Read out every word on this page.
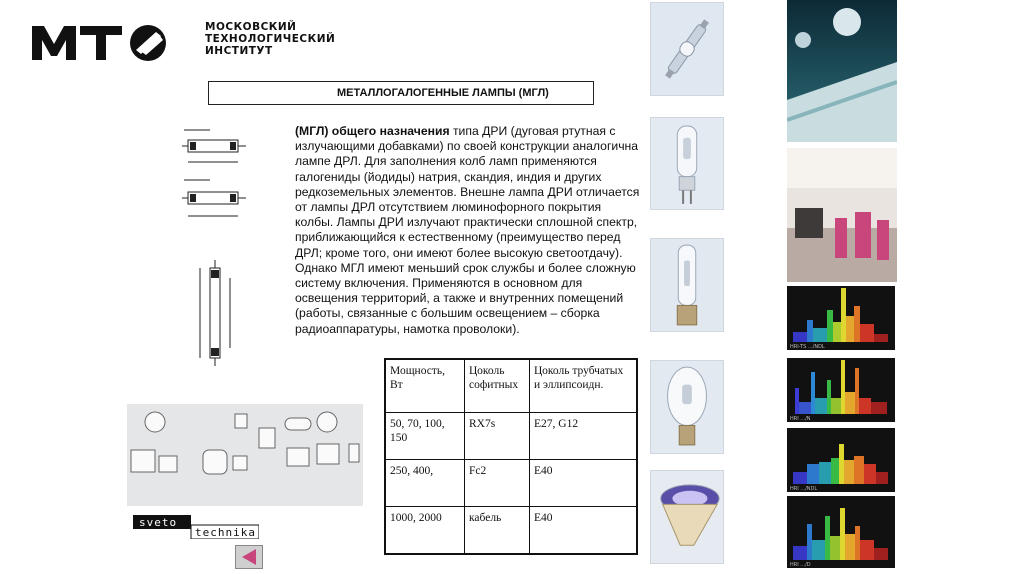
МОСКОВСКИЙ
ТЕХНОЛОГИЧЕСКИЙ
ИНСТИТУТ
МЕТАЛЛОГАЛОГЕННЫЕ ЛАМПЫ (МГЛ)
sveto
technika
(МГЛ) общего назначения типа ДРИ (дуговая ртутная с излучающими добавками) по своей конструкции аналогична лампе ДРЛ. Для заполнения колб ламп применяются галогениды (йодиды) натрия, скандия, индия и других редкоземельных элементов. Внешне лампа ДРИ отличается от лампы ДРЛ отсутствием люминофорного покрытия колбы. Лампы ДРИ излучают практически сплошной спектр, приближающийся к естественному (преимущество перед ДРЛ; кроме того, они имеют более высокую светоотдачу). Однако МГЛ имеют меньший срок службы и более сложную систему включения. Применяются в основном для освещения территорий, а также и внутренних помещений (работы, связанные с большим освещением – сборка радиоаппаратуры, намотка проволоки).
Мощность, Вт	Цоколь софитных	Цоколь трубчатых и эллипсоидн.
50, 70, 100, 150	RX7s	E27, G12
250, 400,	Fc2	E40
1000, 2000	кабель	E40
HRI-TS .../NDL
HRI .../N
HRI .../NDL
HRI .../D
